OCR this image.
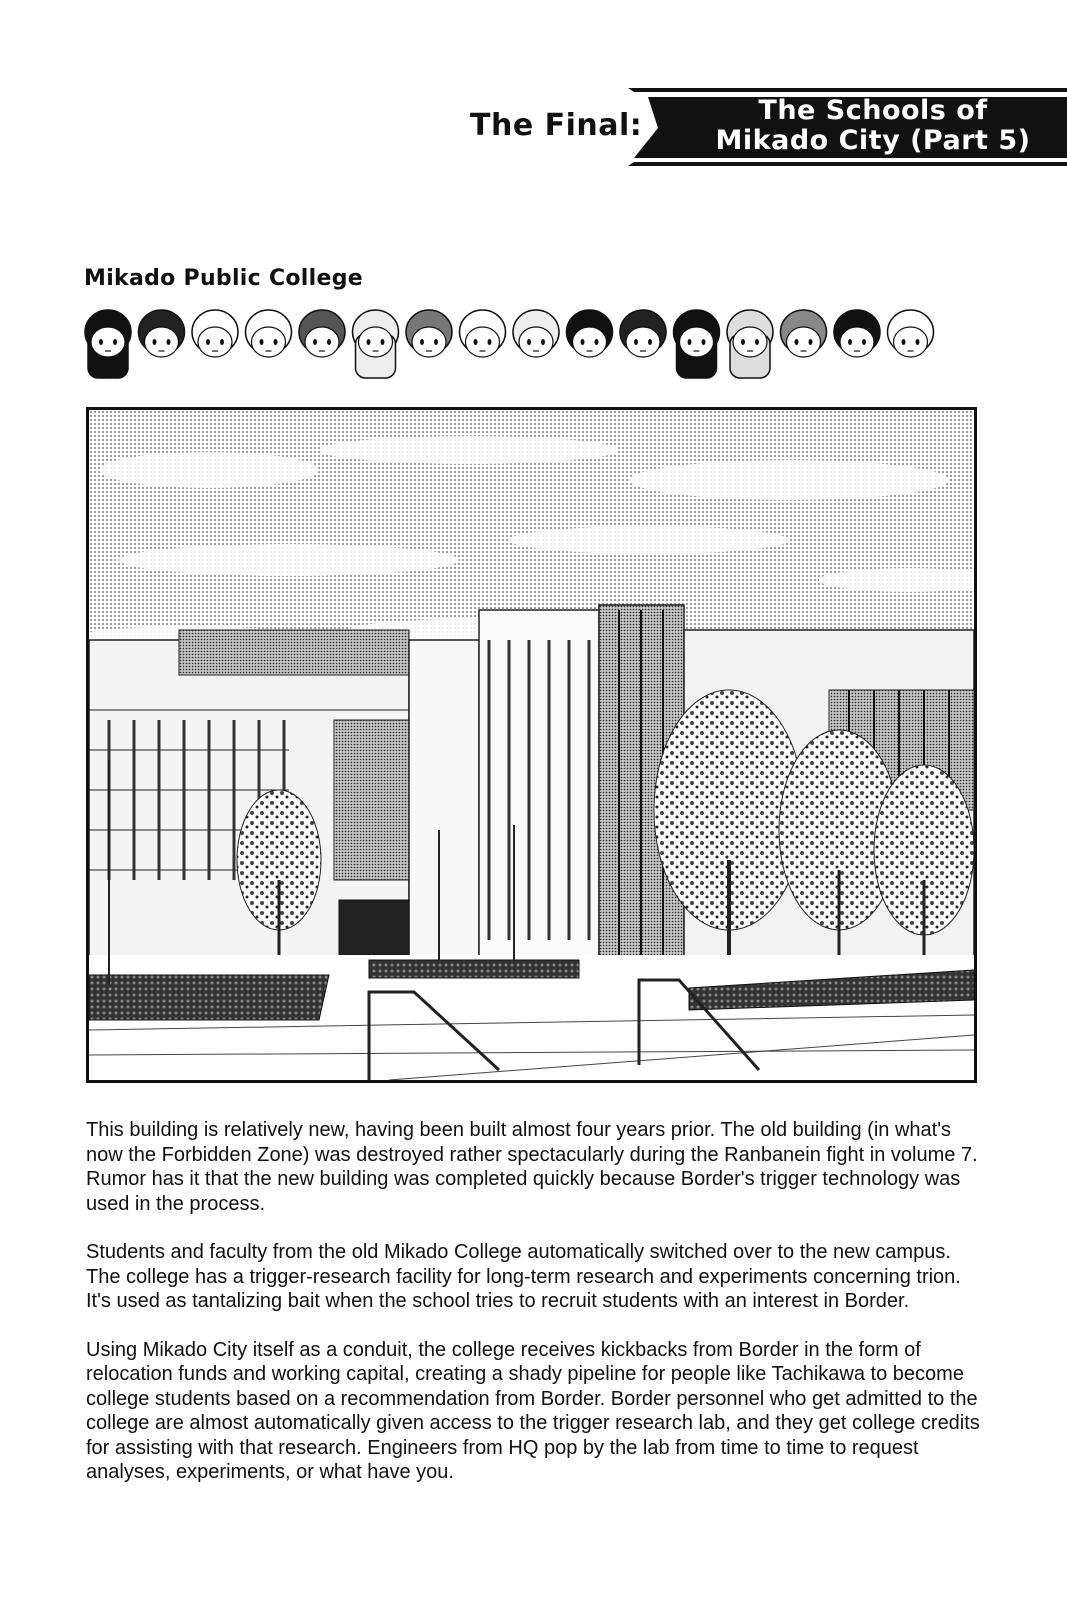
The Final:	The Schools of
Mikado City (Part 5)
Mikado Public College

This building is relatively new, having been built almost four years prior. The old building (in what's now the Forbidden Zone) was destroyed rather spectacularly during the Ranbanein fight in volume 7. Rumor has it that the new building was completed quickly because Border's trigger technology was used in the process.

Students and faculty from the old Mikado College automatically switched over to the new campus. The college has a trigger-research facility for long-term research and experiments concerning trion. It's used as tantalizing bait when the school tries to recruit students with an interest in Border.

Using Mikado City itself as a conduit, the college receives kickbacks from Border in the form of relocation funds and working capital, creating a shady pipeline for people like Tachikawa to become college students based on a recommendation from Border. Border personnel who get admitted to the college are almost automatically given access to the trigger research lab, and they get college credits for assisting with that research. Engineers from HQ pop by the lab from time to time to request analyses, experiments, or what have you.
